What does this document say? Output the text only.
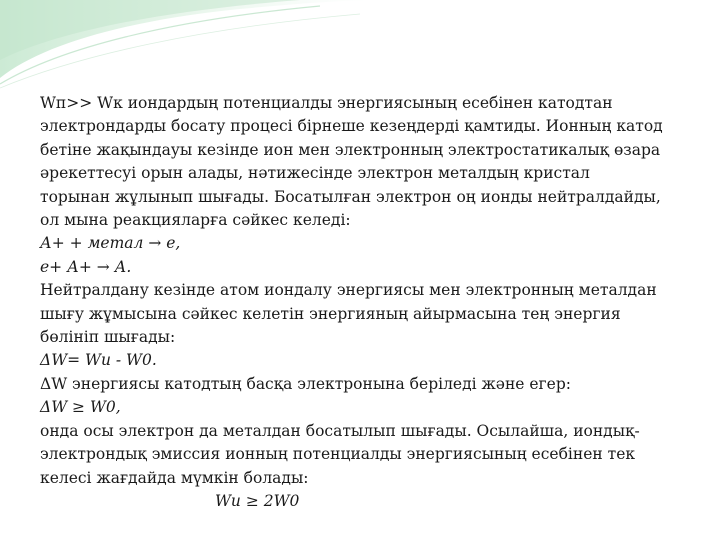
Wп>> Wк иондардың потенциалды энергиясының есебінен катодтан
электрондарды босату процесі бірнеше кезеңдерді қамтиды. Ионның катод
бетіне жақындауы кезінде ион мен электронның электростатикалық өзара
әрекеттесуі орын алады, нәтижесінде электрон металдың кристал
торынан жұлынып шығады. Босатылған электрон оң ионды нейтралдайды,
ол мына реакцияларға сәйкес келеді:
А+ + метал → е,
е+ А+ → А.
Нейтралдану кезінде атом иондалу энергиясы мен электронның металдан
шығу жұмысына сәйкес келетін энергияның айырмасына тең энергия
бөлініп шығады:
ΔW= Wи - W0.
ΔW энергиясы катодтың басқа электронына беріледі және егер:
ΔW ≥ W0,
онда осы электрон да металдан босатылып шығады. Осылайша, иондық-
электрондық эмиссия ионның потенциалды энергиясының есебінен тек
келесі жағдайда мүмкін болады:
Wи ≥ 2W0
